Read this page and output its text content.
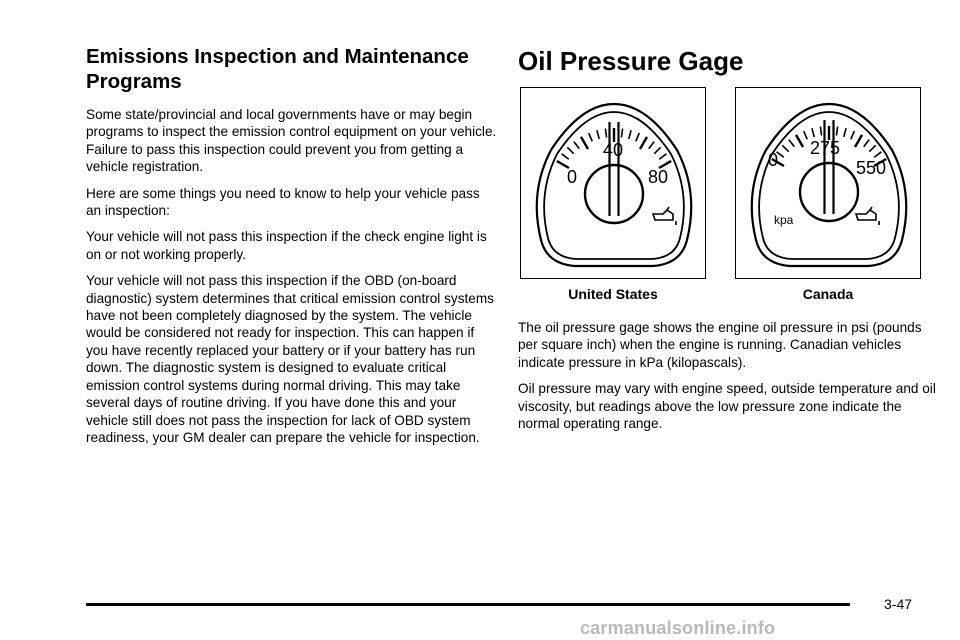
Emissions Inspection and Maintenance Programs

Some state/provincial and local governments have or may begin programs to inspect the emission control equipment on your vehicle. Failure to pass this inspection could prevent you from getting a vehicle registration.

Here are some things you need to know to help your vehicle pass an inspection:

Your vehicle will not pass this inspection if the check engine light is on or not working properly.

Your vehicle will not pass this inspection if the OBD (on-board diagnostic) system determines that critical emission control systems have not been completely diagnosed by the system. The vehicle would be considered not ready for inspection. This can happen if you have recently replaced your battery or if your battery has run down. The diagnostic system is designed to evaluate critical emission control systems during normal driving. This may take several days of routine driving. If you have done this and your vehicle still does not pass the inspection for lack of OBD system readiness, your GM dealer can prepare the vehicle for inspection.

Oil Pressure Gage
0
40
80
0
275
550
kpa
United States	Canada

The oil pressure gage shows the engine oil pressure in psi (pounds per square inch) when the engine is running. Canadian vehicles indicate pressure in kPa (kilopascals).

Oil pressure may vary with engine speed, outside temperature and oil viscosity, but readings above the low pressure zone indicate the normal operating range.

3-47
carmanualsonline.info
